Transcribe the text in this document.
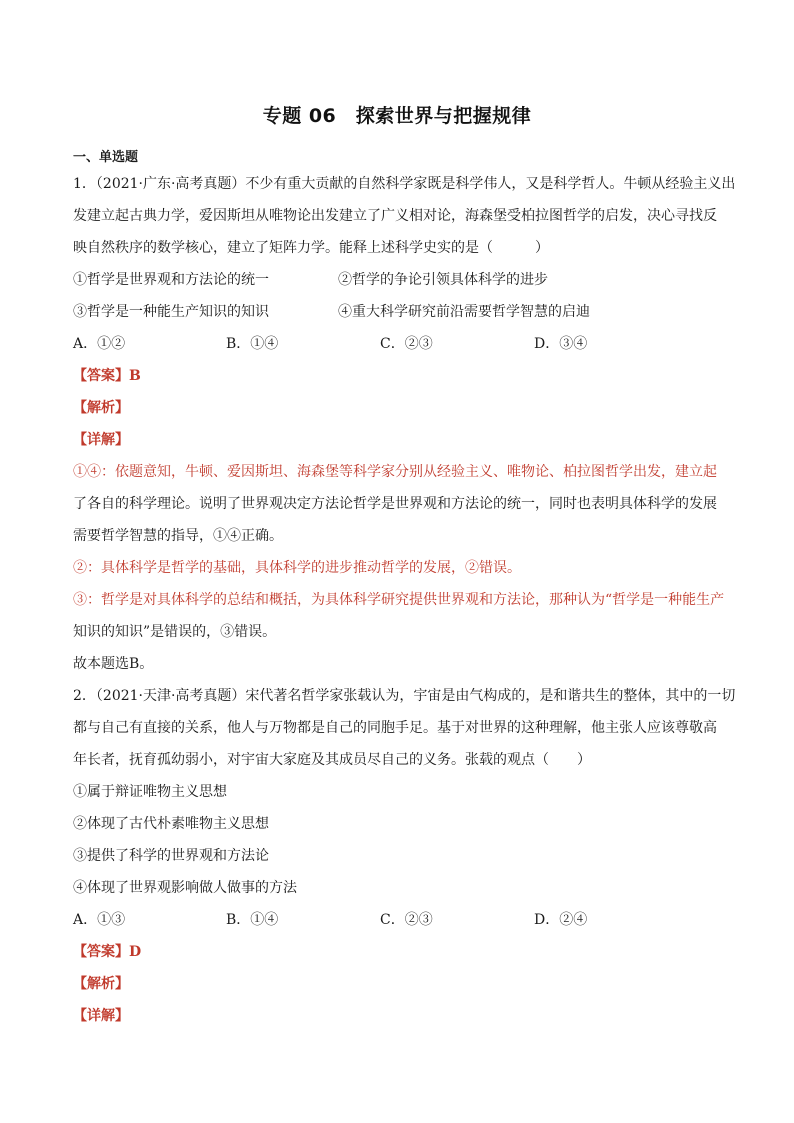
专题 06　探索世界与把握规律
一、单选题
1．（2021·广东·高考真题）不少有重大贡献的自然科学家既是科学伟人，又是科学哲人。牛顿从经验主义出
发建立起古典力学，爱因斯坦从唯物论出发建立了广义相对论，海森堡受柏拉图哲学的启发，决心寻找反
映自然秩序的数学核心，建立了矩阵力学。能释上述科学史实的是（　　　）
①哲学是世界观和方法论的统一	②哲学的争论引领具体科学的进步
③哲学是一种能生产知识的知识	④重大科学研究前沿需要哲学智慧的启迪
A．①②	B．①④	C．②③	D．③④
【答案】B
【解析】
【详解】
①④：依题意知，牛顿、爱因斯坦、海森堡等科学家分别从经验主义、唯物论、柏拉图哲学出发，建立起
了各自的科学理论。说明了世界观决定方法论哲学是世界观和方法论的统一，同时也表明具体科学的发展
需要哲学智慧的指导，①④正确。
②：具体科学是哲学的基础，具体科学的进步推动哲学的发展，②错误。
③：哲学是对具体科学的总结和概括，为具体科学研究提供世界观和方法论，那种认为“哲学是一种能生产
知识的知识”是错误的，③错误。
故本题选B。
2．（2021·天津·高考真题）宋代著名哲学家张载认为，宇宙是由气构成的，是和谐共生的整体，其中的一切
都与自己有直接的关系，他人与万物都是自己的同胞手足。基于对世界的这种理解，他主张人应该尊敬高
年长者，抚育孤幼弱小，对宇宙大家庭及其成员尽自己的义务。张载的观点（　　）
①属于辩证唯物主义思想
②体现了古代朴素唯物主义思想
③提供了科学的世界观和方法论
④体现了世界观影响做人做事的方法
A．①③	B．①④	C．②③	D．②④
【答案】D
【解析】
【详解】
